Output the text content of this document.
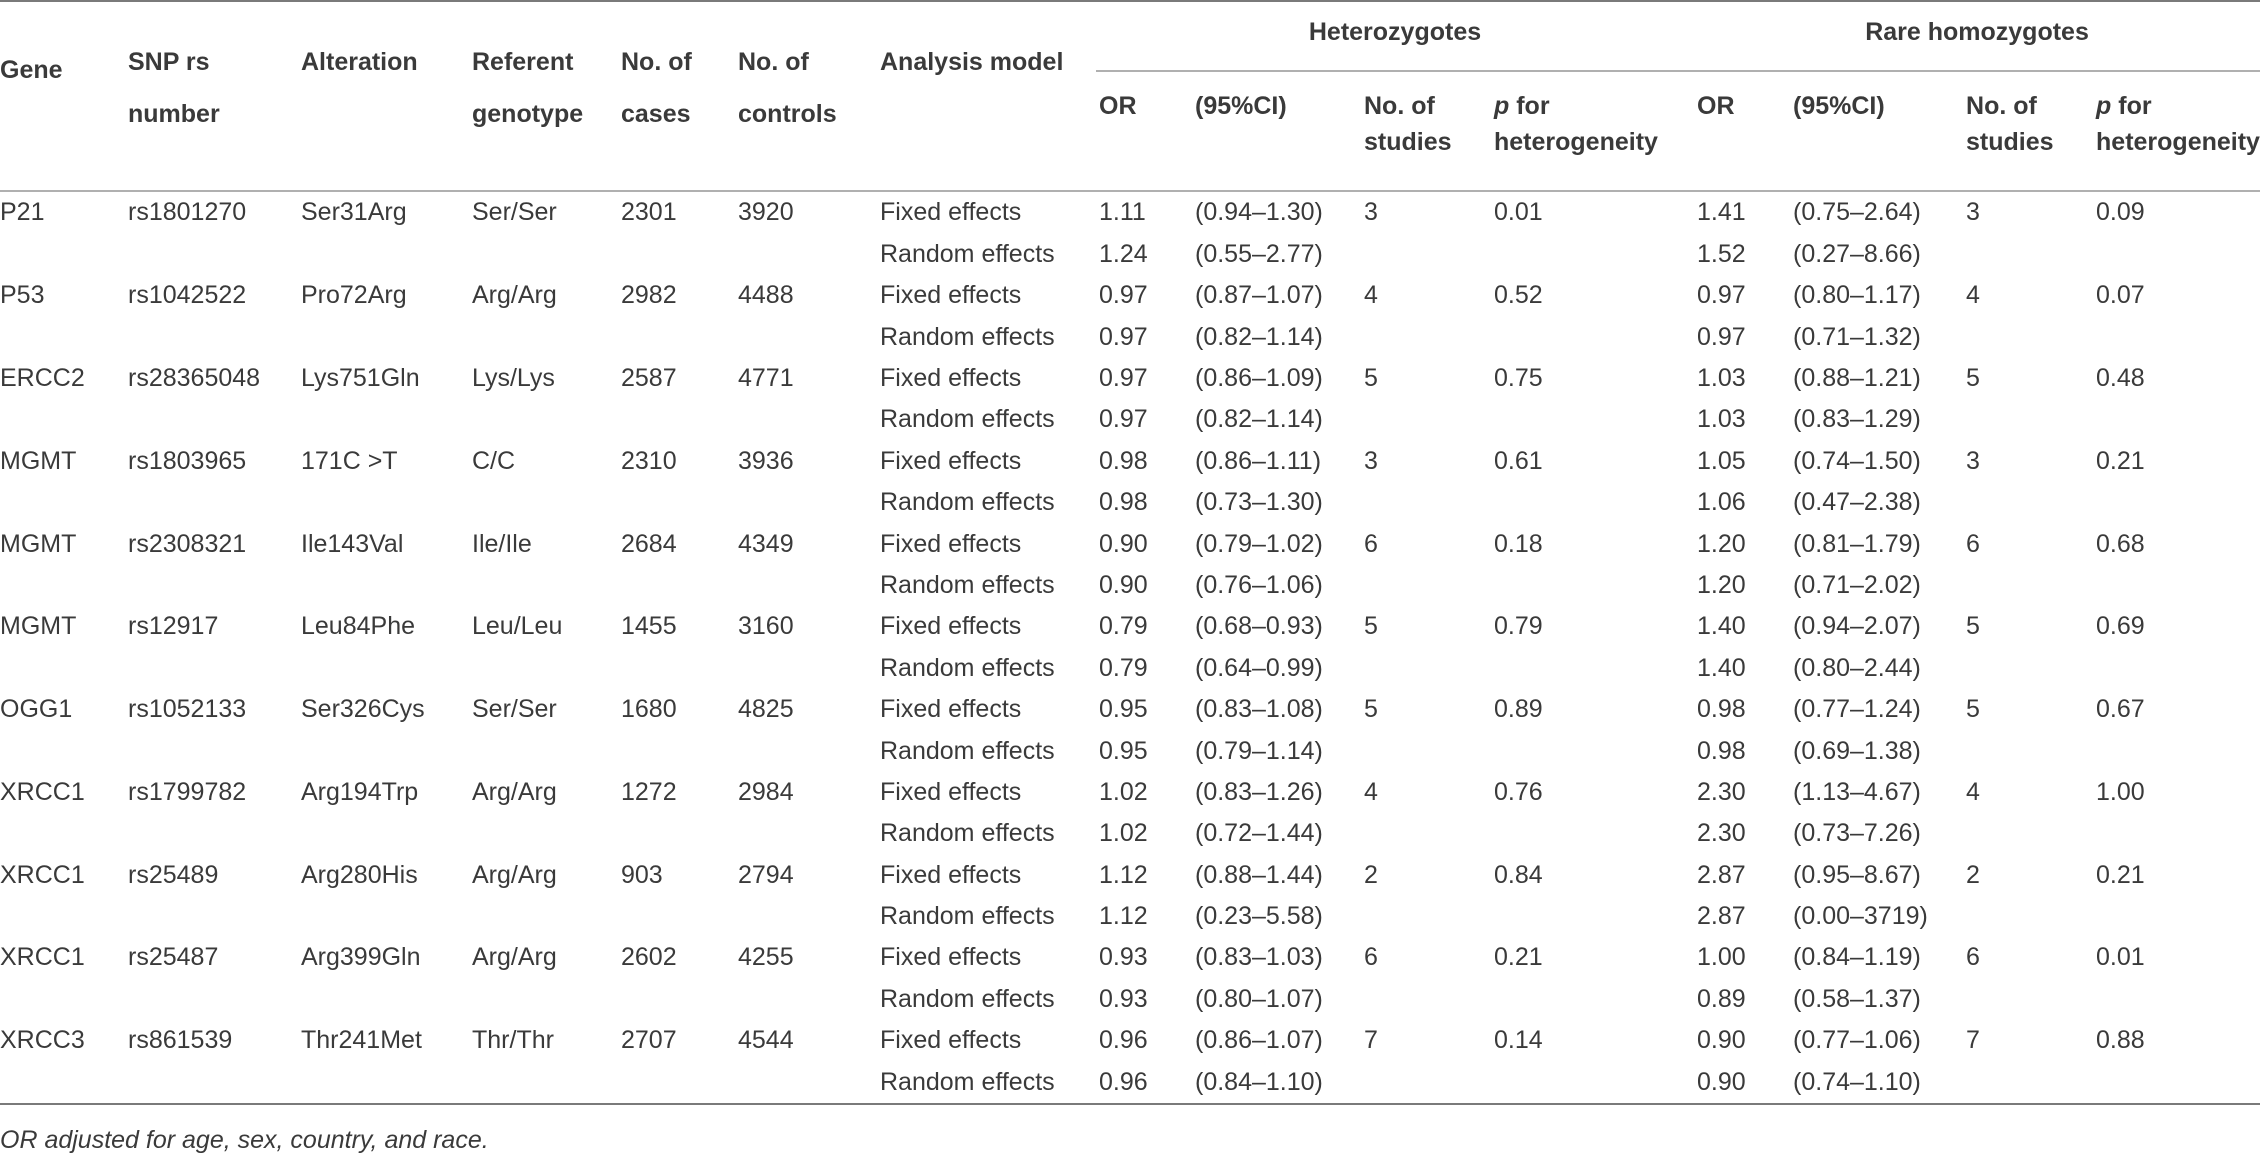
Gene	SNP rs number	Alteration	Referent genotype	No. of cases	No. of controls	Analysis model	Heterozygotes				Rare homozygotes			

							OR	(95%CI)	No. of studies	p for heterogeneity	OR	(95%CI)	No. of studies	p for heterogeneity
P21	rs1801270	Ser31Arg	Ser/Ser	2301	3920	Fixed effects	1.11	(0.94–1.30)	3	0.01	1.41	(0.75–2.64)	3	0.09
						Random effects	1.24	(0.55–2.77)			1.52	(0.27–8.66)		
P53	rs1042522	Pro72Arg	Arg/Arg	2982	4488	Fixed effects	0.97	(0.87–1.07)	4	0.52	0.97	(0.80–1.17)	4	0.07
						Random effects	0.97	(0.82–1.14)			0.97	(0.71–1.32)		
ERCC2	rs28365048	Lys751Gln	Lys/Lys	2587	4771	Fixed effects	0.97	(0.86–1.09)	5	0.75	1.03	(0.88–1.21)	5	0.48
						Random effects	0.97	(0.82–1.14)			1.03	(0.83–1.29)		
MGMT	rs1803965	171C >T	C/C	2310	3936	Fixed effects	0.98	(0.86–1.11)	3	0.61	1.05	(0.74–1.50)	3	0.21
						Random effects	0.98	(0.73–1.30)			1.06	(0.47–2.38)		
MGMT	rs2308321	Ile143Val	Ile/Ile	2684	4349	Fixed effects	0.90	(0.79–1.02)	6	0.18	1.20	(0.81–1.79)	6	0.68
						Random effects	0.90	(0.76–1.06)			1.20	(0.71–2.02)		
MGMT	rs12917	Leu84Phe	Leu/Leu	1455	3160	Fixed effects	0.79	(0.68–0.93)	5	0.79	1.40	(0.94–2.07)	5	0.69
						Random effects	0.79	(0.64–0.99)			1.40	(0.80–2.44)		
OGG1	rs1052133	Ser326Cys	Ser/Ser	1680	4825	Fixed effects	0.95	(0.83–1.08)	5	0.89	0.98	(0.77–1.24)	5	0.67
						Random effects	0.95	(0.79–1.14)			0.98	(0.69–1.38)		
XRCC1	rs1799782	Arg194Trp	Arg/Arg	1272	2984	Fixed effects	1.02	(0.83–1.26)	4	0.76	2.30	(1.13–4.67)	4	1.00
						Random effects	1.02	(0.72–1.44)			2.30	(0.73–7.26)		
XRCC1	rs25489	Arg280His	Arg/Arg	903	2794	Fixed effects	1.12	(0.88–1.44)	2	0.84	2.87	(0.95–8.67)	2	0.21
						Random effects	1.12	(0.23–5.58)			2.87	(0.00–3719)		
XRCC1	rs25487	Arg399Gln	Arg/Arg	2602	4255	Fixed effects	0.93	(0.83–1.03)	6	0.21	1.00	(0.84–1.19)	6	0.01
						Random effects	0.93	(0.80–1.07)			0.89	(0.58–1.37)		
XRCC3	rs861539	Thr241Met	Thr/Thr	2707	4544	Fixed effects	0.96	(0.86–1.07)	7	0.14	0.90	(0.77–1.06)	7	0.88
						Random effects	0.96	(0.84–1.10)			0.90	(0.74–1.10)		
OR adjusted for age, sex, country, and race.
